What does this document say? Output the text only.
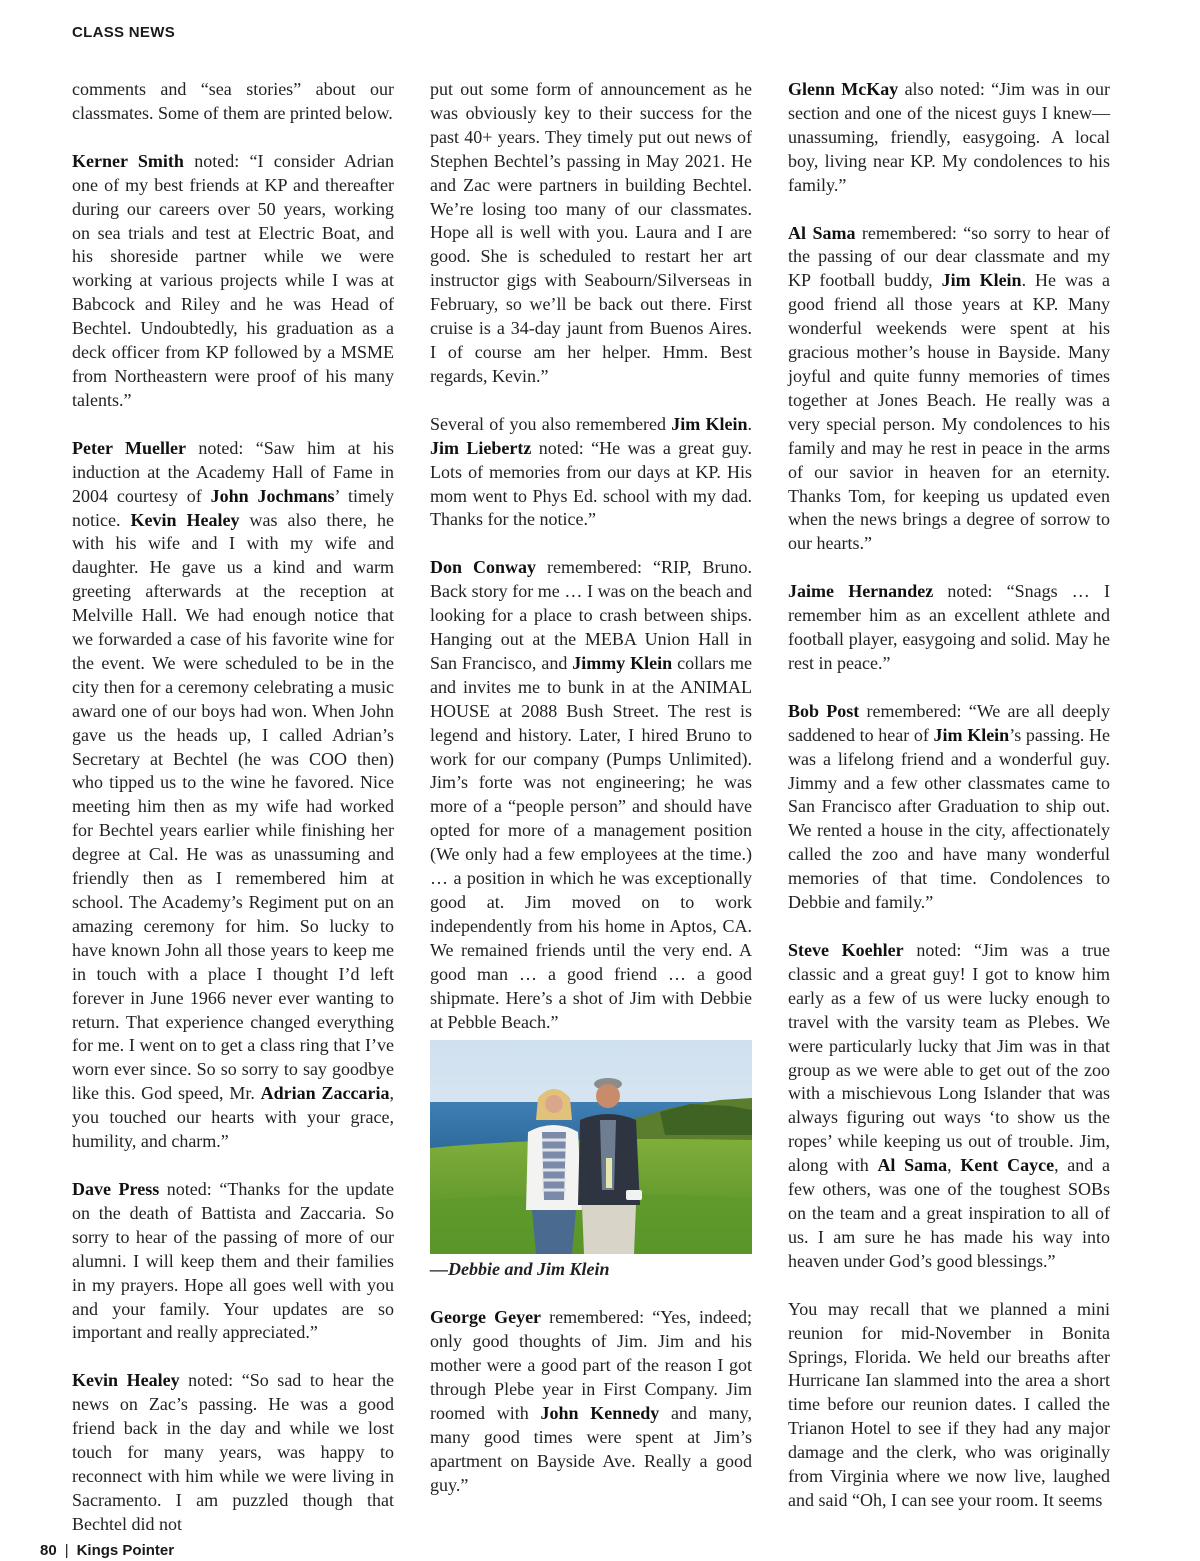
CLASS NEWS

comments and “sea stories” about our classmates. Some of them are printed below.

Kerner Smith noted: “I consider Adrian one of my best friends at KP and thereafter during our careers over 50 years, working on sea trials and test at Electric Boat, and his shoreside partner while we were working at various projects while I was at Babcock and Riley and he was Head of Bechtel. Undoubtedly, his graduation as a deck officer from KP followed by a MSME from Northeastern were proof of his many talents.”

Peter Mueller noted: “Saw him at his induction at the Academy Hall of Fame in 2004 courtesy of John Jochmans’ timely notice. Kevin Healey was also there, he with his wife and I with my wife and daughter. He gave us a kind and warm greeting afterwards at the reception at Melville Hall. We had enough notice that we forwarded a case of his favorite wine for the event. We were scheduled to be in the city then for a ceremony celebrating a music award one of our boys had won. When John gave us the heads up, I called Adrian’s Secretary at Bechtel (he was COO then) who tipped us to the wine he favored. Nice meeting him then as my wife had worked for Bechtel years earlier while finishing her degree at Cal. He was as unassuming and friendly then as I remembered him at school. The Academy’s Regiment put on an amazing ceremony for him. So lucky to have known John all those years to keep me in touch with a place I thought I’d left forever in June 1966 never ever wanting to return. That experience changed everything for me. I went on to get a class ring that I’ve worn ever since. So so sorry to say goodbye like this. God speed, Mr. Adrian Zaccaria, you touched our hearts with your grace, humility, and charm.”

Dave Press noted: “Thanks for the update on the death of Battista and Zaccaria. So sorry to hear of the passing of more of our alumni. I will keep them and their families in my prayers. Hope all goes well with you and your family. Your updates are so important and really appreciated.”

Kevin Healey noted: “So sad to hear the news on Zac’s passing. He was a good friend back in the day and while we lost touch for many years, was happy to reconnect with him while we were living in Sacramento. I am puzzled though that Bechtel did not

put out some form of announcement as he was obviously key to their success for the past 40+ years. They timely put out news of Stephen Bechtel’s passing in May 2021. He and Zac were partners in building Bechtel. We’re losing too many of our classmates. Hope all is well with you. Laura and I are good. She is scheduled to restart her art instructor gigs with Seabourn/Silverseas in February, so we’ll be back out there. First cruise is a 34-day jaunt from Buenos Aires. I of course am her helper. Hmm. Best regards, Kevin.”

Several of you also remembered Jim Klein. Jim Liebertz noted: “He was a great guy. Lots of memories from our days at KP. His mom went to Phys Ed. school with my dad. Thanks for the notice.”

Don Conway remembered: “RIP, Bruno. Back story for me … I was on the beach and looking for a place to crash between ships. Hanging out at the MEBA Union Hall in San Francisco, and Jimmy Klein collars me and invites me to bunk in at the ANIMAL HOUSE at 2088 Bush Street. The rest is legend and history. Later, I hired Bruno to work for our company (Pumps Unlimited). Jim’s forte was not engineering; he was more of a “people person” and should have opted for more of a management position (We only had a few employees at the time.) … a position in which he was exceptionally good at. Jim moved on to work independently from his home in Aptos, CA. We remained friends until the very end. A good man … a good friend … a good shipmate. Here’s a shot of Jim with Debbie at Pebble Beach.”

—Debbie and Jim Klein

George Geyer remembered: “Yes, indeed; only good thoughts of Jim. Jim and his mother were a good part of the reason I got through Plebe year in First Company. Jim roomed with John Kennedy and many, many good times were spent at Jim’s apartment on Bayside Ave. Really a good guy.”

Glenn McKay also noted: “Jim was in our section and one of the nicest guys I knew—unassuming, friendly, easygoing. A local boy, living near KP. My condolences to his family.”

Al Sama remembered: “so sorry to hear of the passing of our dear classmate and my KP football buddy, Jim Klein. He was a good friend all those years at KP. Many wonderful weekends were spent at his gracious mother’s house in Bayside. Many joyful and quite funny memories of times together at Jones Beach. He really was a very special person. My condolences to his family and may he rest in peace in the arms of our savior in heaven for an eternity. Thanks Tom, for keeping us updated even when the news brings a degree of sorrow to our hearts.”

Jaime Hernandez noted: “Snags … I remember him as an excellent athlete and football player, easygoing and solid. May he rest in peace.”

Bob Post remembered: “We are all deeply saddened to hear of Jim Klein’s passing. He was a lifelong friend and a wonderful guy. Jimmy and a few other classmates came to San Francisco after Graduation to ship out. We rented a house in the city, affectionately called the zoo and have many wonderful memories of that time. Condolences to Debbie and family.”

Steve Koehler noted: “Jim was a true classic and a great guy! I got to know him early as a few of us were lucky enough to travel with the varsity team as Plebes. We were particularly lucky that Jim was in that group as we were able to get out of the zoo with a mischievous Long Islander that was always figuring out ways ‘to show us the ropes’ while keeping us out of trouble. Jim, along with Al Sama, Kent Cayce, and a few others, was one of the toughest SOBs on the team and a great inspiration to all of us. I am sure he has made his way into heaven under God’s good blessings.”

You may recall that we planned a mini reunion for mid-November in Bonita Springs, Florida. We held our breaths after Hurricane Ian slammed into the area a short time before our reunion dates. I called the Trianon Hotel to see if they had any major damage and the clerk, who was originally from Virginia where we now live, laughed and said “Oh, I can see your room. It seems

80 | Kings Pointer
